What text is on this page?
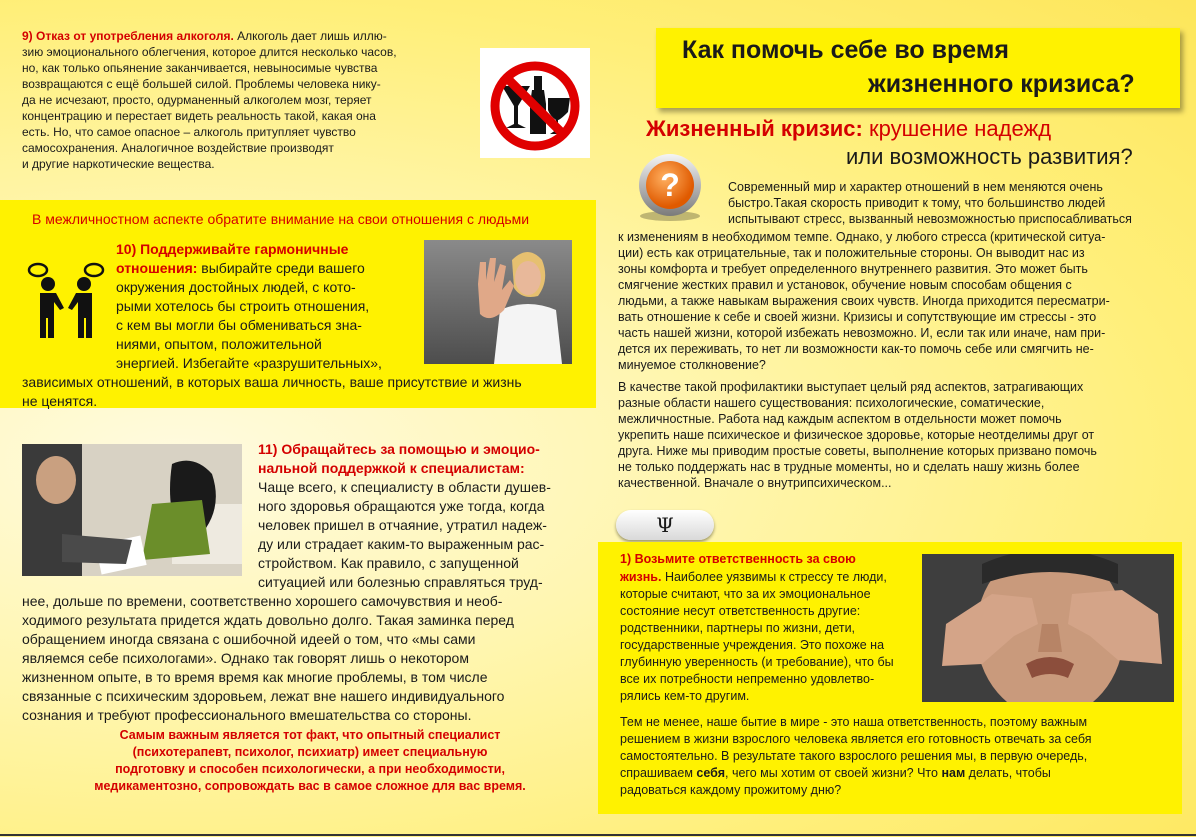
9) Отказ от употребления алкоголя. Алкоголь дает лишь иллю-
зию эмоционального облегчения, которое длится несколько часов,
но, как только опьянение заканчивается, невыносимые чувства
возвращаются с ещё большей силой. Проблемы человека нику-
да не исчезают, просто, одурманенный алкоголем мозг, теряет
концентрацию и перестает видеть реальность такой, какая она
есть. Но, что самое опасное – алкоголь притупляет чувство
самосохранения. Аналогичное воздействие производят
и другие наркотические вещества.
В межличностном аспекте обратите внимание на свои отношения с людьми
10) Поддерживайте гармоничные
отношения: выбирайте среди вашего
окружения достойных людей, с кото-
рыми хотелось бы строить отношения,
с кем вы могли бы обмениваться зна-
ниями, опытом, положительной
энергией. Избегайте «разрушительных»,
зависимых отношений, в которых ваша личность, ваше присутствие и жизнь
не ценятся.
11) Обращайтесь за помощью и эмоцио-
нальной поддержкой к специалистам:
Чаще всего, к специалисту в области душев-
ного здоровья обращаются уже тогда, когда
человек пришел в отчаяние, утратил надеж-
ду или страдает каким-то выраженным рас-
стройством. Как правило, с запущенной
ситуацией или болезнью справляться труд-
нее, дольше по времени, соответственно хорошего самочувствия и необ-
ходимого результата придется ждать довольно долго. Такая заминка перед
обращением иногда связана с ошибочной идеей о том, что «мы сами
являемся себе психологами». Однако так говорят лишь о некотором
жизненном опыте, в то время время как многие проблемы, в том числе
связанные с психическим здоровьем, лежат вне нашего индивидуального
сознания и требуют профессионального вмешательства со стороны.
Самым важным является тот факт, что опытный специалист
(психотерапевт, психолог, психиатр) имеет специальную
подготовку и способен психологически, а при необходимости,
медикаментозно, сопровождать вас в самое сложное для вас время.
Как помочь себе во время
жизненного кризиса?
Жизненный кризис: крушение надежд
или возможность развития?
?	Современный мир и характер отношений в нем меняются очень
быстро.Такая скорость приводит к тому, что большинство людей
испытывают стресс, вызванный невозможностью приспосабливаться
к изменениям в необходимом темпе. Однако, у любого стресса (критической ситуа-
ции) есть как отрицательные, так и положительные стороны. Он выводит нас из
зоны комфорта и требует определенного внутреннего развития. Это может быть
смягчение жестких правил и установок, обучение новым способам общения с
людьми, а также навыкам выражения своих чувств. Иногда приходится пересматри-
вать отношение к себе и своей жизни. Кризисы и сопутствующие им стрессы - это
часть нашей жизни, которой избежать невозможно. И, если так или иначе, нам при-
дется их переживать, то нет ли возможности как-то помочь себе или смягчить не-
минуемое столкновение?
В качестве такой профилактики выступает целый ряд аспектов, затрагивающих
разные области нашего существования: психологические, соматические,
межличностные. Работа над каждым аспектом в отдельности может помочь
укрепить наше психическое и физическое здоровье, которые неотделимы друг от
друга. Ниже мы приводим простые советы, выполнение которых призвано помочь
не только поддержать нас в трудные моменты, но и сделать нашу жизнь более
качественной. Вначале о внутрипсихическом...
Ψ
1) Возьмите ответственность за свою
жизнь. Наиболее уязвимы к стрессу те люди,
которые считают, что за их эмоциональное
состояние несут ответственность другие:
родственники, партнеры по жизни, дети,
государственные учреждения. Это похоже на
глубинную уверенность (и требование), что бы
все их потребности непременно удовлетво-
рялись кем-то другим.
Тем не менее, наше бытие в мире - это наша ответственность, поэтому важным
решением в жизни взрослого человека является его готовность отвечать за себя
самостоятельно. В результате такого взрослого решения мы, в первую очередь,
спрашиваем себя, чего мы хотим от своей жизни? Что нам делать, чтобы
радоваться каждому прожитому дню?
